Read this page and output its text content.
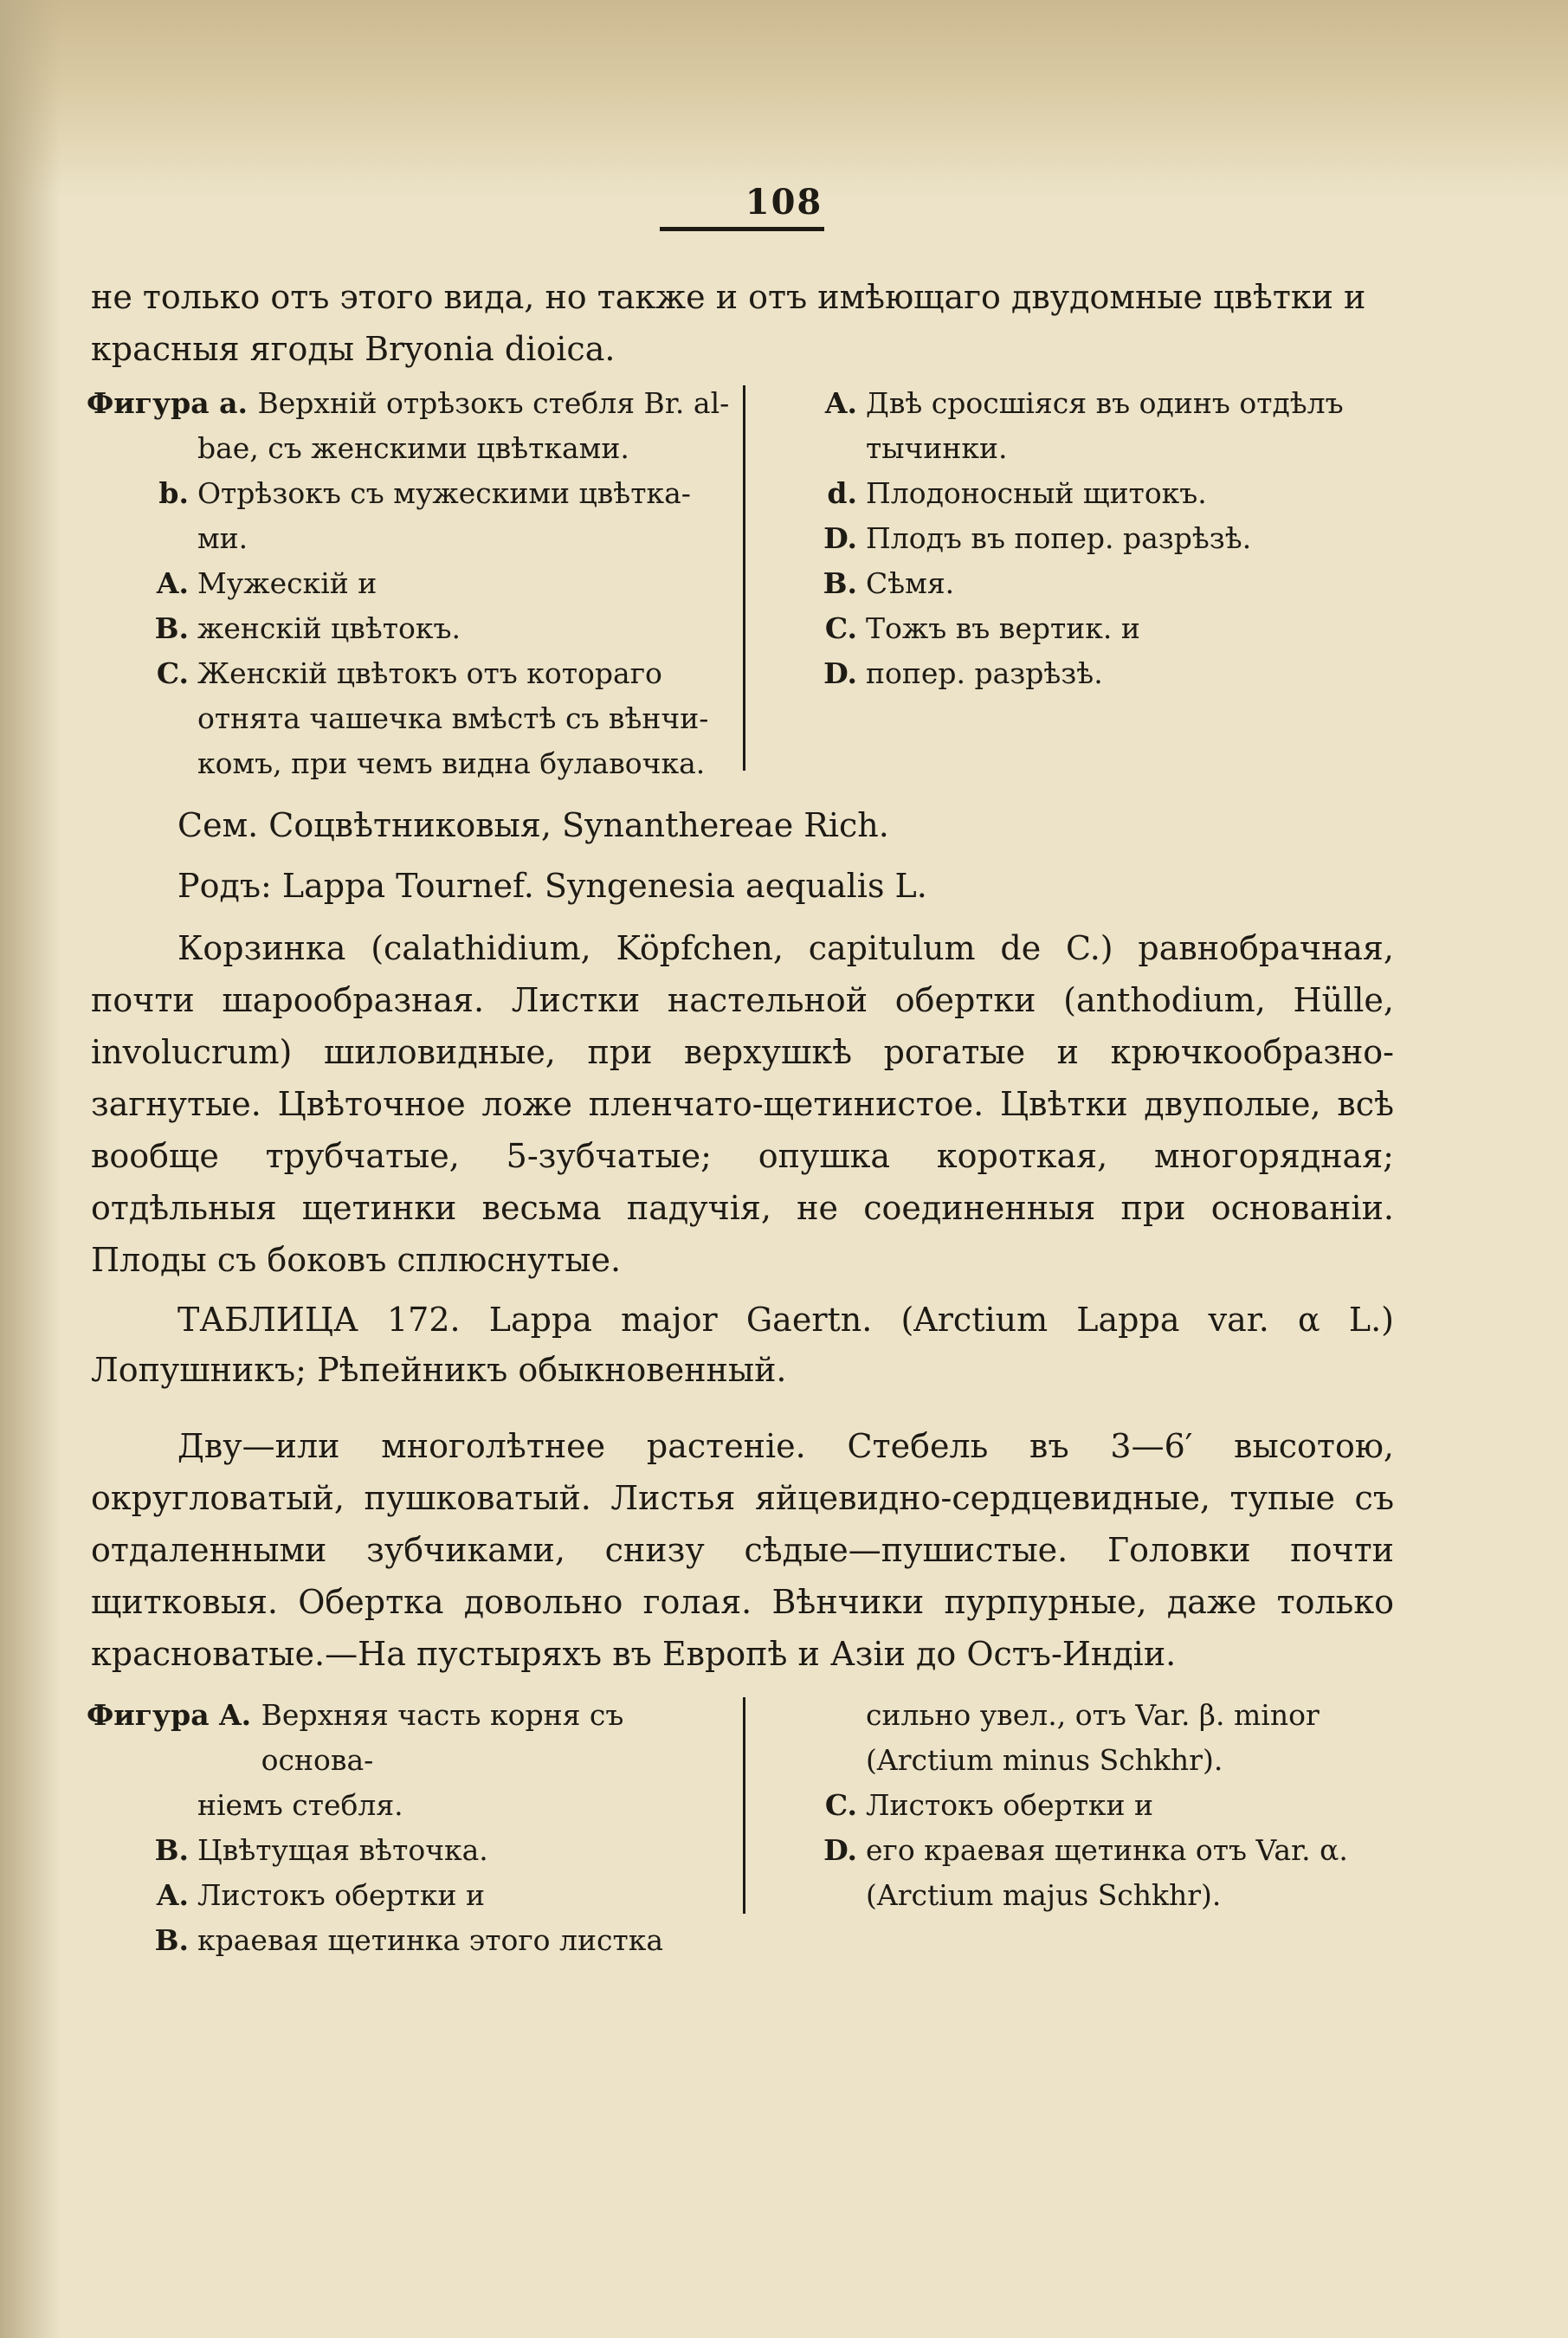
108
не только отъ этого вида, но также и отъ имѣющаго двудомные цвѣтки и
красныя ягоды Bryonia dioica.
Фигура a. Верхній отрѣзокъ стебля Br. al-
bae, съ женскими цвѣтками.
b. Отрѣзокъ съ мужескими цвѣтка-
ми.
A. Мужескій и
B. женскій цвѣтокъ.
C. Женскій цвѣтокъ отъ котораго
отнята чашечка вмѣстѣ съ вѣнчи-
комъ, при чемъ видна булавочка.
A. Двѣ сросшіяся въ одинъ отдѣлъ
тычинки.
d. Плодоносный щитокъ.
D. Плодъ въ попер. разрѣзѣ.
B. Сѣмя.
C. Тожъ въ вертик. и
D. попер. разрѣзѣ.
Сем. Соцвѣтниковыя, Synantherеae Rich.
Родъ: Lappa Tournef. Syngenesia aequalis L.
Корзинка (calathidium, Köpfchen, capitulum de C.) равнобрачная, почти шарообразная. Листки настельной обертки (anthodium, Hülle, involucrum) шиловидные, при верхушкѣ рогатые и крючкообразно-загнутые. Цвѣточное ложе пленчато-щетинистое. Цвѣтки двуполые, всѣ вообще трубчатые, 5-зубчатые; опушка короткая, многорядная; отдѣльныя щетинки весьма падучія, не соединенныя при основаніи. Плоды съ боковъ сплюснутые.
ТАБЛИЦА 172. Lappa major Gaertn. (Arctium Lappa var. α L.) Лопушникъ; Рѣпейникъ обыкновенный.
Дву—или многолѣтнее растеніе. Стебель въ 3—6′ высотою, округловатый, пушковатый. Листья яйцевидно-сердцевидные, тупые съ отдаленными зубчиками, снизу сѣдые—пушистые. Головки почти щитковыя. Обертка довольно голая. Вѣнчики пурпурные, даже только красноватые.—На пустыряхъ въ Европѣ и Азіи до Остъ-Индіи.
Фигура A. Верхняя часть корня съ основа-
ніемъ стебля.
B. Цвѣтущая вѣточка.
A. Листокъ обертки и
B. краевая щетинка этого листка
сильно увел., отъ Var. β. minor
(Arctium minus Schkhr).
C. Листокъ обертки и
D. его краевая щетинка отъ Var. α.
(Arctium majus Schkhr).
